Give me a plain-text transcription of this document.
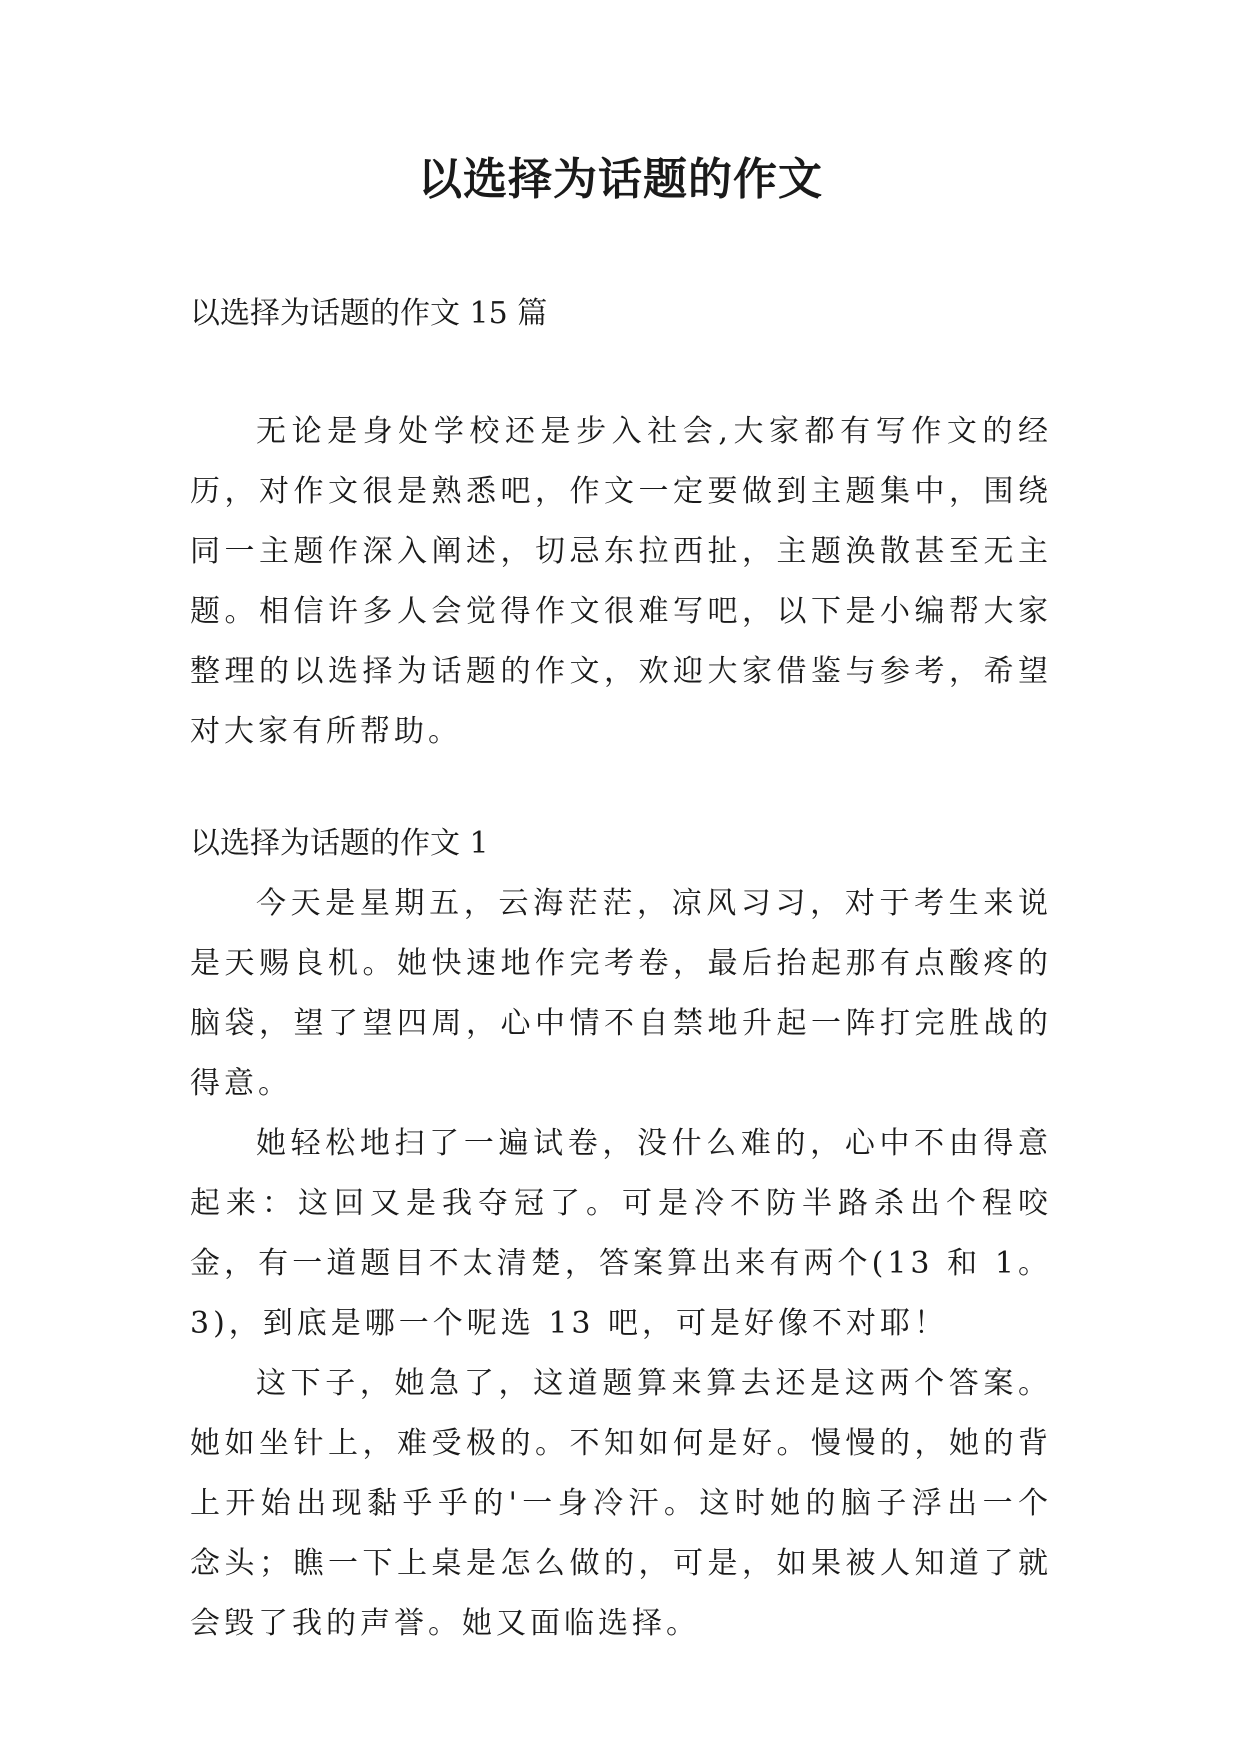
以选择为话题的作文
以选择为话题的作文 15 篇

无论是身处学校还是步入社会,大家都有写作文的经历，对作文很是熟悉吧，作文一定要做到主题集中，围绕同一主题作深入阐述，切忌东拉西扯，主题涣散甚至无主题。相信许多人会觉得作文很难写吧，以下是小编帮大家整理的以选择为话题的作文，欢迎大家借鉴与参考，希望对大家有所帮助。

以选择为话题的作文 1

今天是星期五，云海茫茫，凉风习习，对于考生来说是天赐良机。她快速地作完考卷，最后抬起那有点酸疼的脑袋，望了望四周，心中情不自禁地升起一阵打完胜战的得意。

她轻松地扫了一遍试卷，没什么难的，心中不由得意起来：这回又是我夺冠了。可是冷不防半路杀出个程咬金，有一道题目不太清楚，答案算出来有两个(13 和 1。3)，到底是哪一个呢选 13 吧，可是好像不对耶！

这下子，她急了，这道题算来算去还是这两个答案。她如坐针上，难受极的。不知如何是好。慢慢的，她的背上开始出现黏乎乎的'一身冷汗。这时她的脑子浮出一个念头；瞧一下上桌是怎么做的，可是，如果被人知道了就会毁了我的声誉。她又面临选择。
